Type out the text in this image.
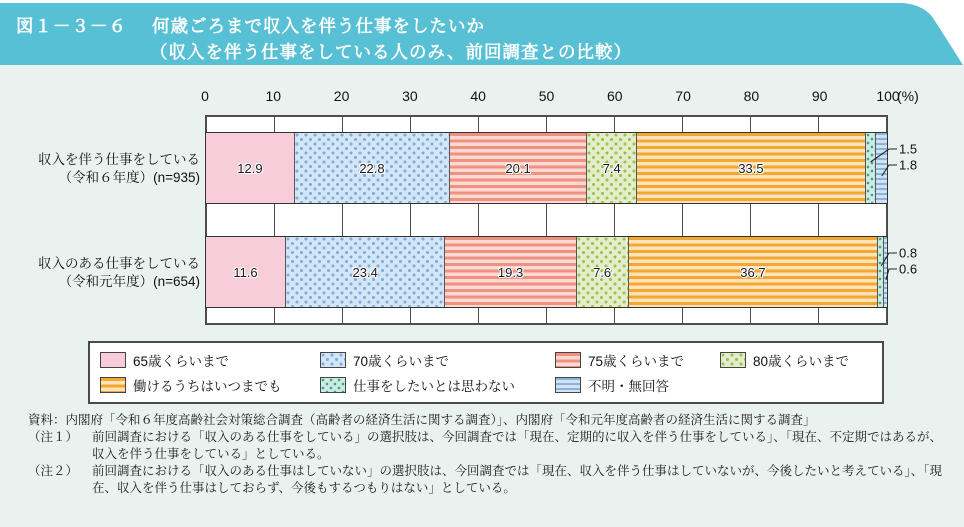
図１－３－６ 何歳ごろまで収入を伴う仕事をしたいか
（収入を伴う仕事をしている人のみ、前回調査との比較）
(%)
65歳くらいまで	70歳くらいまで	75歳くらいまで	80歳くらいまで
働けるうちはいつまでも	仕事をしたいとは思わない	不明・無回答
資料： 内閣府「令和６年度高齢社会対策総合調査（高齢者の経済生活に関する調査）」、内閣府「令和元年度高齢者の経済生活に関する調査」
（注１）	前回調査における「収入のある仕事をしている」の選択肢は、今回調査では「現在、定期的に収入を伴う仕事をしている」、「現在、不定期ではあるが、収入を伴う仕事をしている」としている。
（注２）	前回調査における「収入のある仕事はしていない」の選択肢は、今回調査では「現在、収入を伴う仕事はしていないが、今後したいと考えている」、「現在、収入を伴う仕事はしておらず、今後もするつもりはない」としている。
0	10	20	30	40	50	60	70	80	90	100
12.9	22.8	20.1	7.4	33.5
収入を伴う仕事をしている
（令和６年度）(n=935)
11.6	23.4	19.3	7.6	36.7
収入のある仕事をしている
（令和元年度）(n=654)
1.5
1.8
0.8
0.6
